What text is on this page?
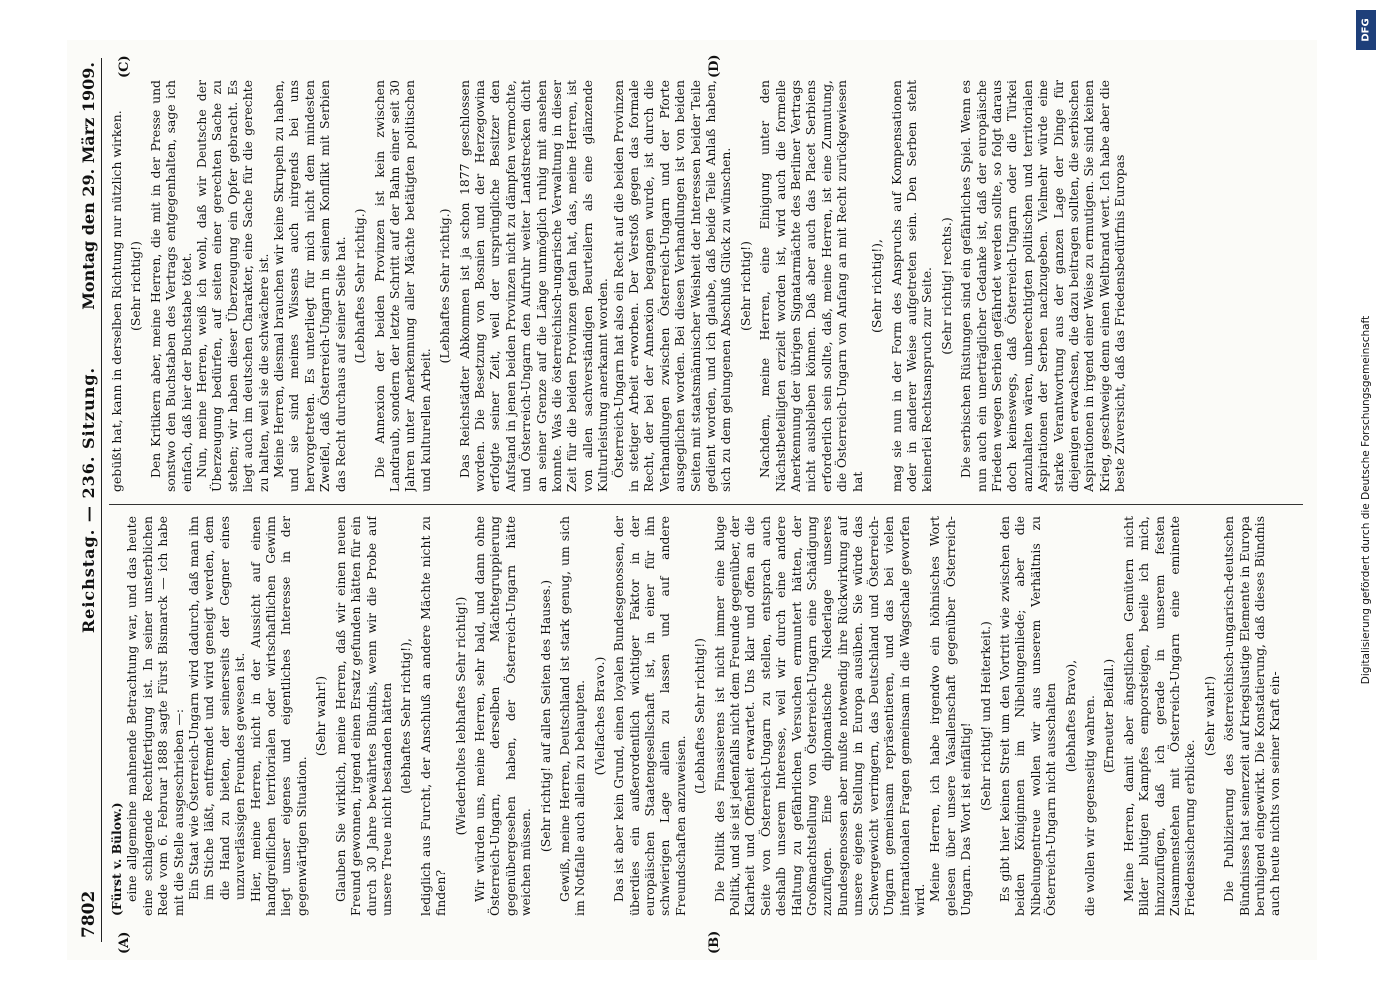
7802
Reichstag. — 236. Sitzung.
Montag den 29. März 1909.
(A)	(B)
(C)	(D)

(Fürst v. Bülow.) eine allgemeine mahnende Betrachtung war, und das heute eine schlagende Rechtfertigung ist. In seiner unsterblichen Rede vom 6. Februar 1888 sagte Fürst Bismarck — ich habe mit die Stelle ausgeschrieben —: Ein Staat wie Österreich-Ungarn wird dadurch, daß man ihn im Stiche läßt, entfremdet und wird geneigt werden, dem die Hand zu bieten, der seinerseits der Gegner eines unzuverlässigen Freundes gewesen ist. Hier, meine Herren, nicht in der Aussicht auf einen handgreiflichen territorialen oder wirtschaftlichen Gewinn liegt unser eigenes und eigentliches Interesse in der gegenwärtigen Situation.

(Sehr wahr!) Glauben Sie wirklich, meine Herren, daß wir einen neuen Freund gewonnen, irgend einen Ersatz gefunden hätten für ein durch 30 Jahre bewährtes Bündnis, wenn wir die Probe auf unsere Treue nicht bestanden hätten (lebhaftes Sehr richtig!), lediglich aus Furcht, der Anschluß an andere Mächte nicht zu finden?

(Wiederholtes lebhaftes Sehr richtig!) Wir würden uns, meine Herren, sehr bald, und dann ohne Österreich-Ungarn, derselben Mächtegruppierung gegenübergesehen haben, der Österreich-Ungarn hätte weichen müssen.

(Sehr richtig! auf allen Seiten des Hauses.) Gewiß, meine Herren, Deutschland ist stark genug, um sich im Notfalle auch allein zu behaupten. (Vielfaches Bravo.) Das ist aber kein Grund, einen loyalen Bundesgenossen, der überdies ein außerordentlich wichtiger Faktor in der europäischen Staatengesellschaft ist, in einer für ihn schwierigen Lage allein zu lassen und auf andere Freundschaften anzuweisen.

(Lebhaftes Sehr richtig!) Die Politik des Finassierens ist nicht immer eine kluge Politik, und sie ist jedenfalls nicht dem Freunde gegenüber, der Klarheit und Offenheit erwartet. Uns klar und offen an die Seite von Österreich-Ungarn zu stellen, entsprach auch deshalb unserem Interesse, weil wir durch eine andere Haltung zu gefährlichen Versuchen ermuntert hätten, der Großmachtstellung von Österreich-Ungarn eine Schädigung zuzufügen. Eine diplomatische Niederlage unseres Bundesgenossen aber mußte notwendig ihre Rückwirkung auf unsere eigene Stellung in Europa ausüben. Sie würde das Schwergewicht verringern, das Deutschland und Österreich-Ungarn gemeinsam repräsentieren, und das bei vielen internationalen Fragen gemeinsam in die Wagschale geworfen wird. Meine Herren, ich habe irgendwo ein höhnisches Wort gelesen über unsere Vasallenschaft gegenüber Österreich-Ungarn. Das Wort ist einfältig!

(Sehr richtig! und Heiterkeit.) Es gibt hier keinen Streit um den Vortritt wie zwischen den beiden Königinnen im Nibelungenliede; aber die Nibelungentreue wollen wir aus unserem Verhältnis zu Österreich-Ungarn nicht ausschalten (lebhaftes Bravo), die wollen wir gegenseitig wahren. (Erneuter Beifall.) Meine Herren, damit aber ängstlichen Gemütern nicht Bilder blutigen Kampfes emporsteigen, beeile ich mich, hinzuzufügen, daß ich gerade in unserem festen Zusammenstehen mit Österreich-Ungarn eine eminente Friedenssicherung erblicke.

(Sehr wahr!) Die Publizierung des österreichisch-ungarisch-deutschen Bündnisses hat seinerzeit auf kriegslustige Elemente in Europa beruhigend eingewirkt. Die Konstatierung, daß dieses Bündnis auch heute nichts von seiner Kraft ein-

gebüßt hat, kann in derselben Richtung nur nützlich wirken. (Sehr richtig!) Den Kritikern aber, meine Herren, die mit in der Presse und sonstwo den Buchstaben des Vertrags entgegenhalten, sage ich einfach, daß hier der Buchstabe tötet. Nun, meine Herren, weiß ich wohl, daß wir Deutsche der Überzeugung bedürfen, auf seiten einer gerechten Sache zu stehen; wir haben dieser Überzeugung ein Opfer gebracht. Es liegt auch im deutschen Charakter, eine Sache für die gerechte zu halten, weil sie die schwächere ist. Meine Herren, diesmal brauchen wir keine Skrupeln zu haben, und sie sind meines Wissens auch nirgends bei uns hervorgetreten. Es unterliegt für mich nicht dem mindesten Zweifel, daß Österreich-Ungarn in seinem Konflikt mit Serbien das Recht durchaus auf seiner Seite hat. (Lebhaftes Sehr richtig.) Die Annexion der beiden Provinzen ist kein zwischen Landraub, sondern der letzte Schritt auf der Bahn einer seit 30 Jahren unter Anerkennung aller Mächte betätigten politischen und kulturellen Arbeit.

(Lebhaftes Sehr richtig.) Das Reichstädter Abkommen ist ja schon 1877 geschlossen worden. Die Besetzung von Bosnien und der Herzegowina erfolgte seiner Zeit, weil der ursprüngliche Besitzer den Aufstand in jenen beiden Provinzen nicht zu dämpfen vermochte, und Österreich-Ungarn den Aufruhr weiter Landstrecken dicht an seiner Grenze auf die Länge unmöglich ruhig mit ansehen konnte. Was die österreichisch-ungarische Verwaltung in dieser Zeit für die beiden Provinzen getan hat, das, meine Herren, ist von allen sachverständigen Beurteilern als eine glänzende Kulturleistung anerkannt worden. Österreich-Ungarn hat also ein Recht auf die beiden Provinzen in stetiger Arbeit erworben. Der Verstoß gegen das formale Recht, der bei der Annexion begangen wurde, ist durch die Verhandlungen zwischen Österreich-Ungarn und der Pforte ausgeglichen worden. Bei diesen Verhandlungen ist von beiden Seiten mit staatsmännischer Weisheit der Interessen beider Teile gedient worden, und ich glaube, daß beide Teile Anlaß haben, sich zu dem gelungenen Abschluß Glück zu wünschen. (Sehr richtig!) Nachdem, meine Herren, eine Einigung unter den Nächstbeteiligten erzielt worden ist, wird auch die formelle Anerkennung der übrigen Signatarmächte des Berliner Vertrags nicht ausbleiben können. Daß aber auch das Placet Serbiens erforderlich sein sollte, daß, meine Herren, ist eine Zumutung, die Österreich-Ungarn von Anfang an mit Recht zurückgewiesen hat

(Sehr richtig!), mag sie nun in der Form des Anspruchs auf Kompensationen oder in anderer Weise aufgetreten sein. Den Serben steht keinerlei Rechtsanspruch zur Seite. (Sehr richtig! rechts.) Die serbischen Rüstungen sind ein gefährliches Spiel. Wenn es nun auch ein unerträglicher Gedanke ist, daß der europäische Frieden wegen Serbien gefährdet werden sollte, so folgt daraus doch keineswegs, daß Österreich-Ungarn oder die Türkei anzuhalten wären, unberechtigten politischen und territorialen Aspirationen der Serben nachzugeben. Vielmehr würde eine starke Verantwortung aus der ganzen Lage der Dinge für diejenigen erwachsen, die dazu beitragen sollten, die serbischen Aspirationen in irgend einer Weise zu ermutigen. Sie sind keinen Krieg, geschweige denn einen Weltbrand wert. Ich habe aber die beste Zuversicht, daß das Friedensbedürfnis Europas

DFG
Digitalisierung gefördert durch die Deutsche Forschungsgemeinschaft
